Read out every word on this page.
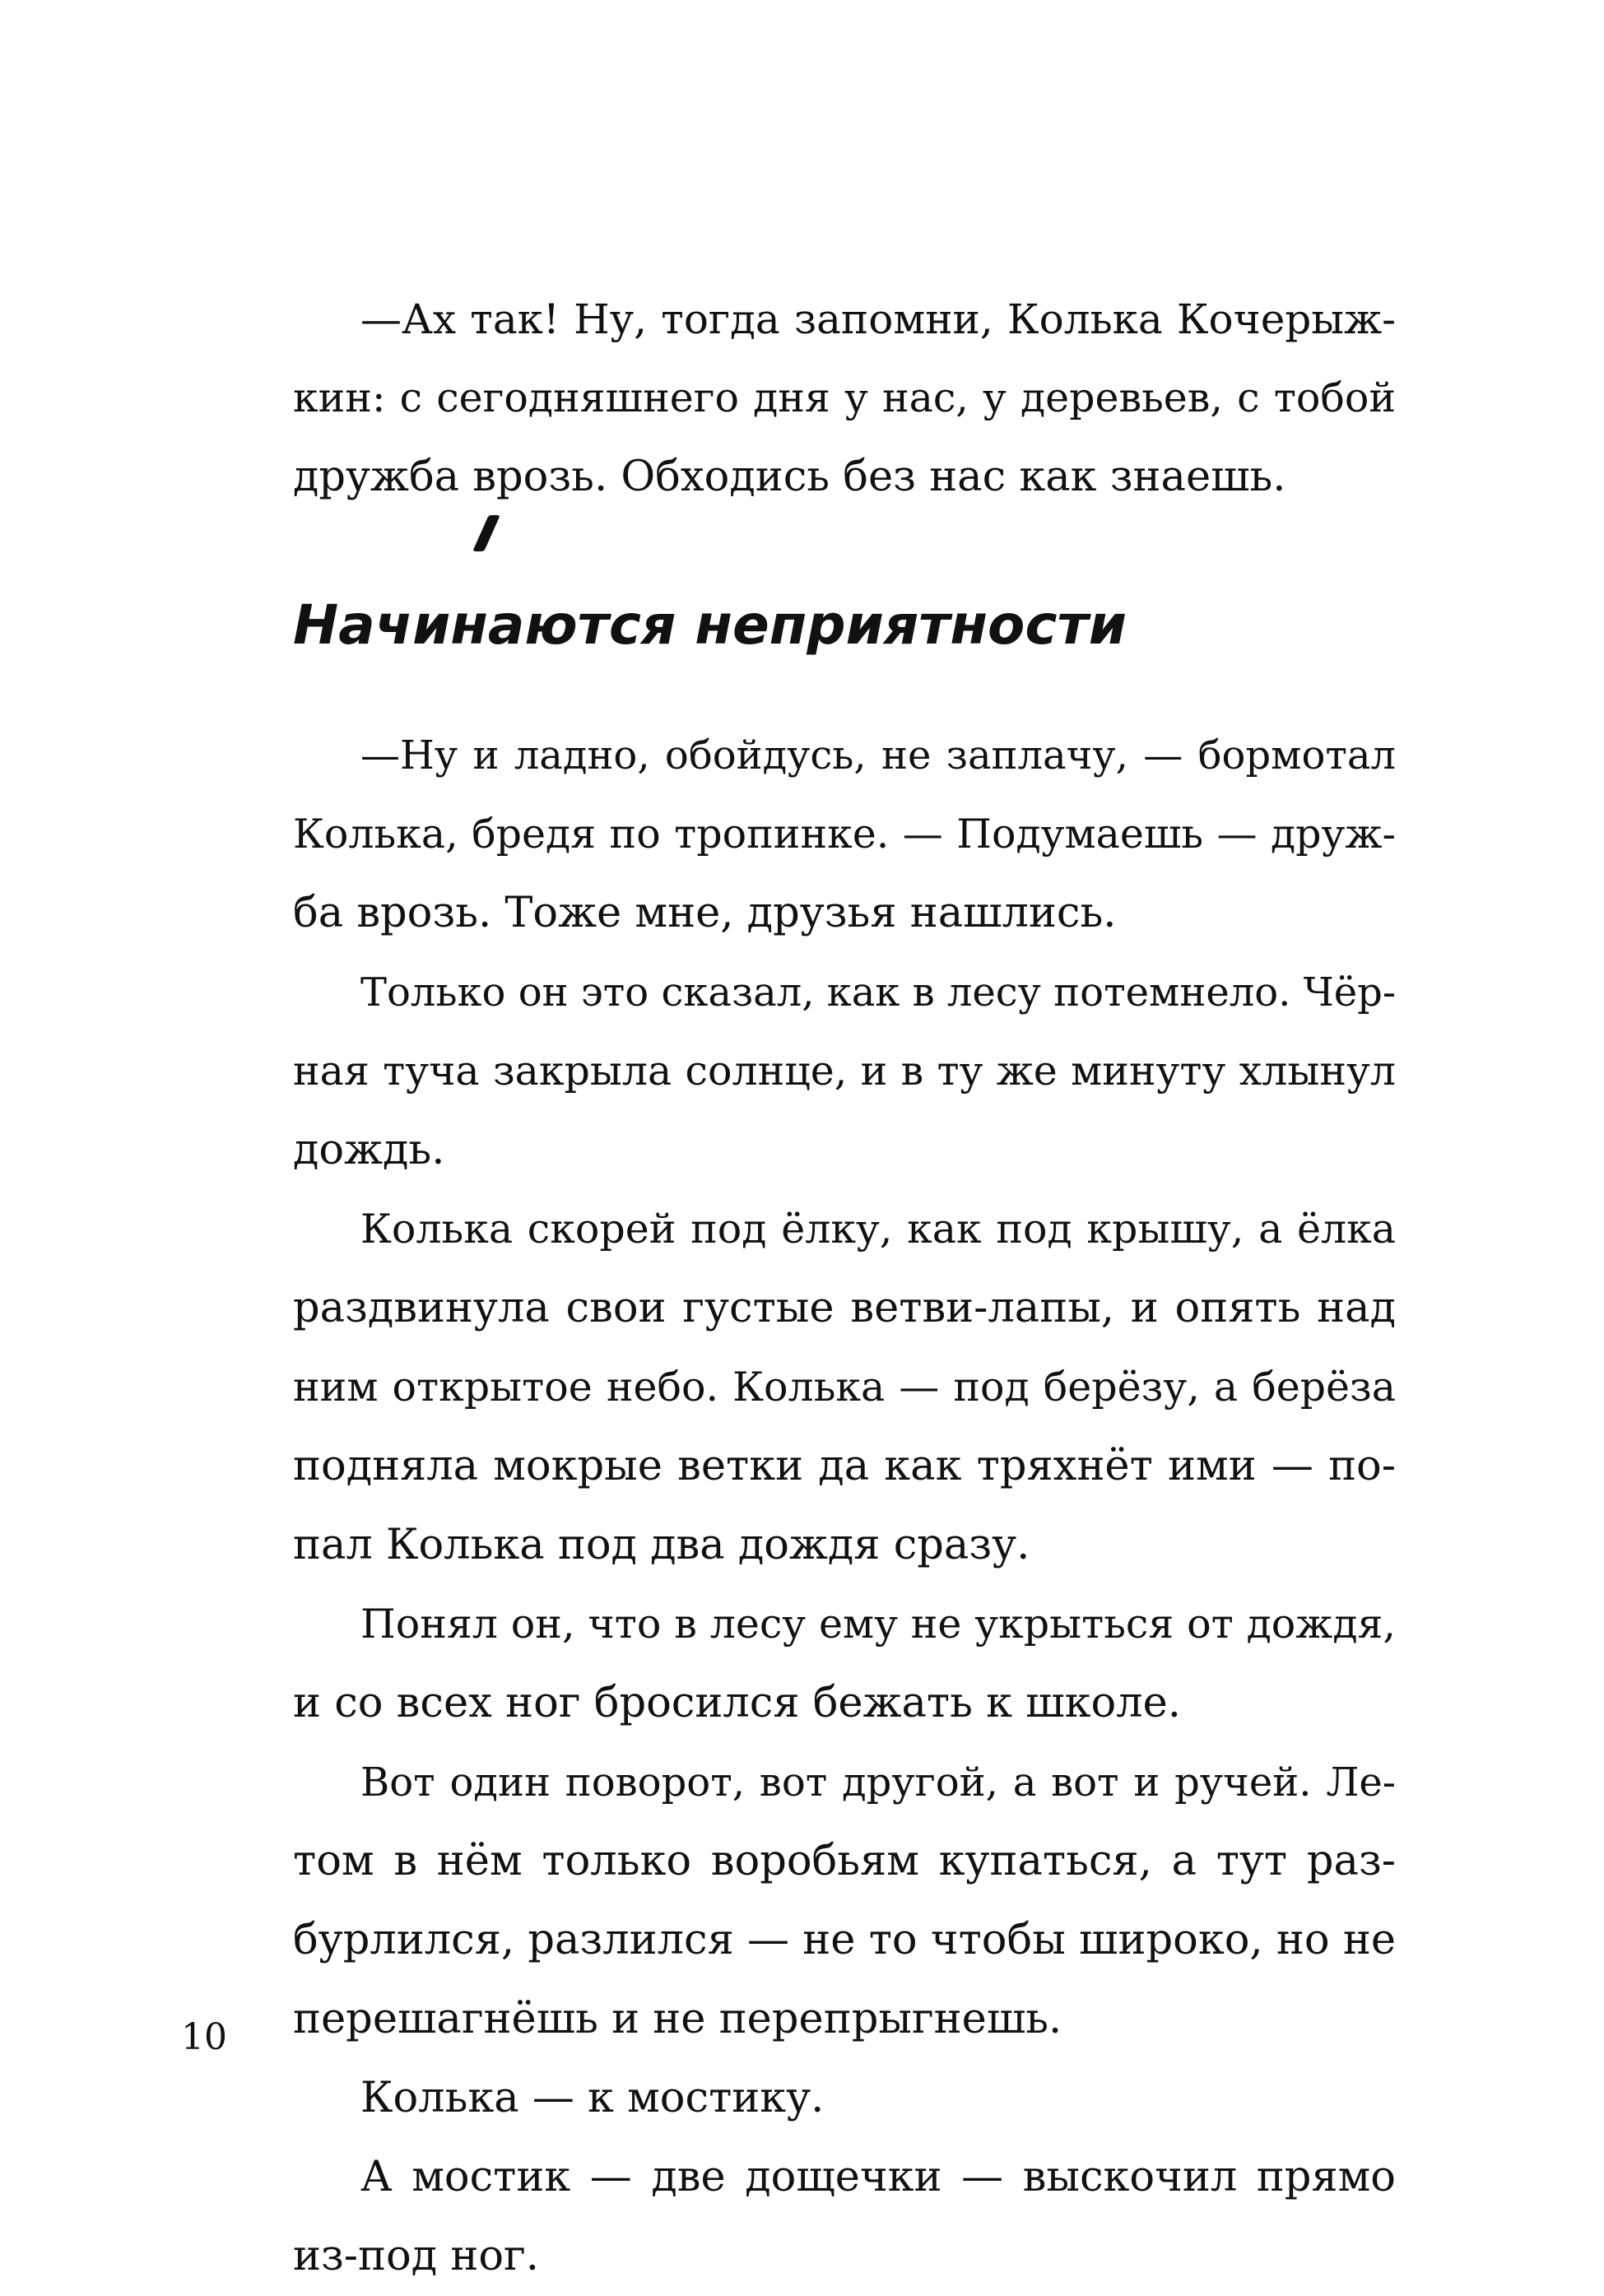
—Ах так! Ну, тогда запомни, Колька Кочерыж-
кин: с сегодняшнего дня у нас, у деревьев, с тобой
дружба врозь. Обходись без нас как знаешь.
Начинаются неприятности
—Ну и ладно, обойдусь, не заплачу, — бормотал
Колька, бредя по тропинке. — Подумаешь — друж-
ба врозь. Тоже мне, друзья нашлись.
Только он это сказал, как в лесу потемнело. Чёр-
ная туча закрыла солнце, и в ту же минуту хлынул
дождь.
Колька скорей под ёлку, как под крышу, а ёлка
раздвинула свои густые ветви-лапы, и опять над
ним открытое небо. Колька — под берёзу, а берёза
подняла мокрые ветки да как тряхнёт ими — по-
пал Колька под два дождя сразу.
Понял он, что в лесу ему не укрыться от дождя,
и со всех ног бросился бежать к школе.
Вот один поворот, вот другой, а вот и ручей. Ле-
том в нём только воробьям купаться, а тут раз-
бурлился, разлился — не то чтобы широко, но не
перешагнёшь и не перепрыгнешь.
Колька — к мостику.
А мостик — две дощечки — выскочил прямо
из-под ног.
10
